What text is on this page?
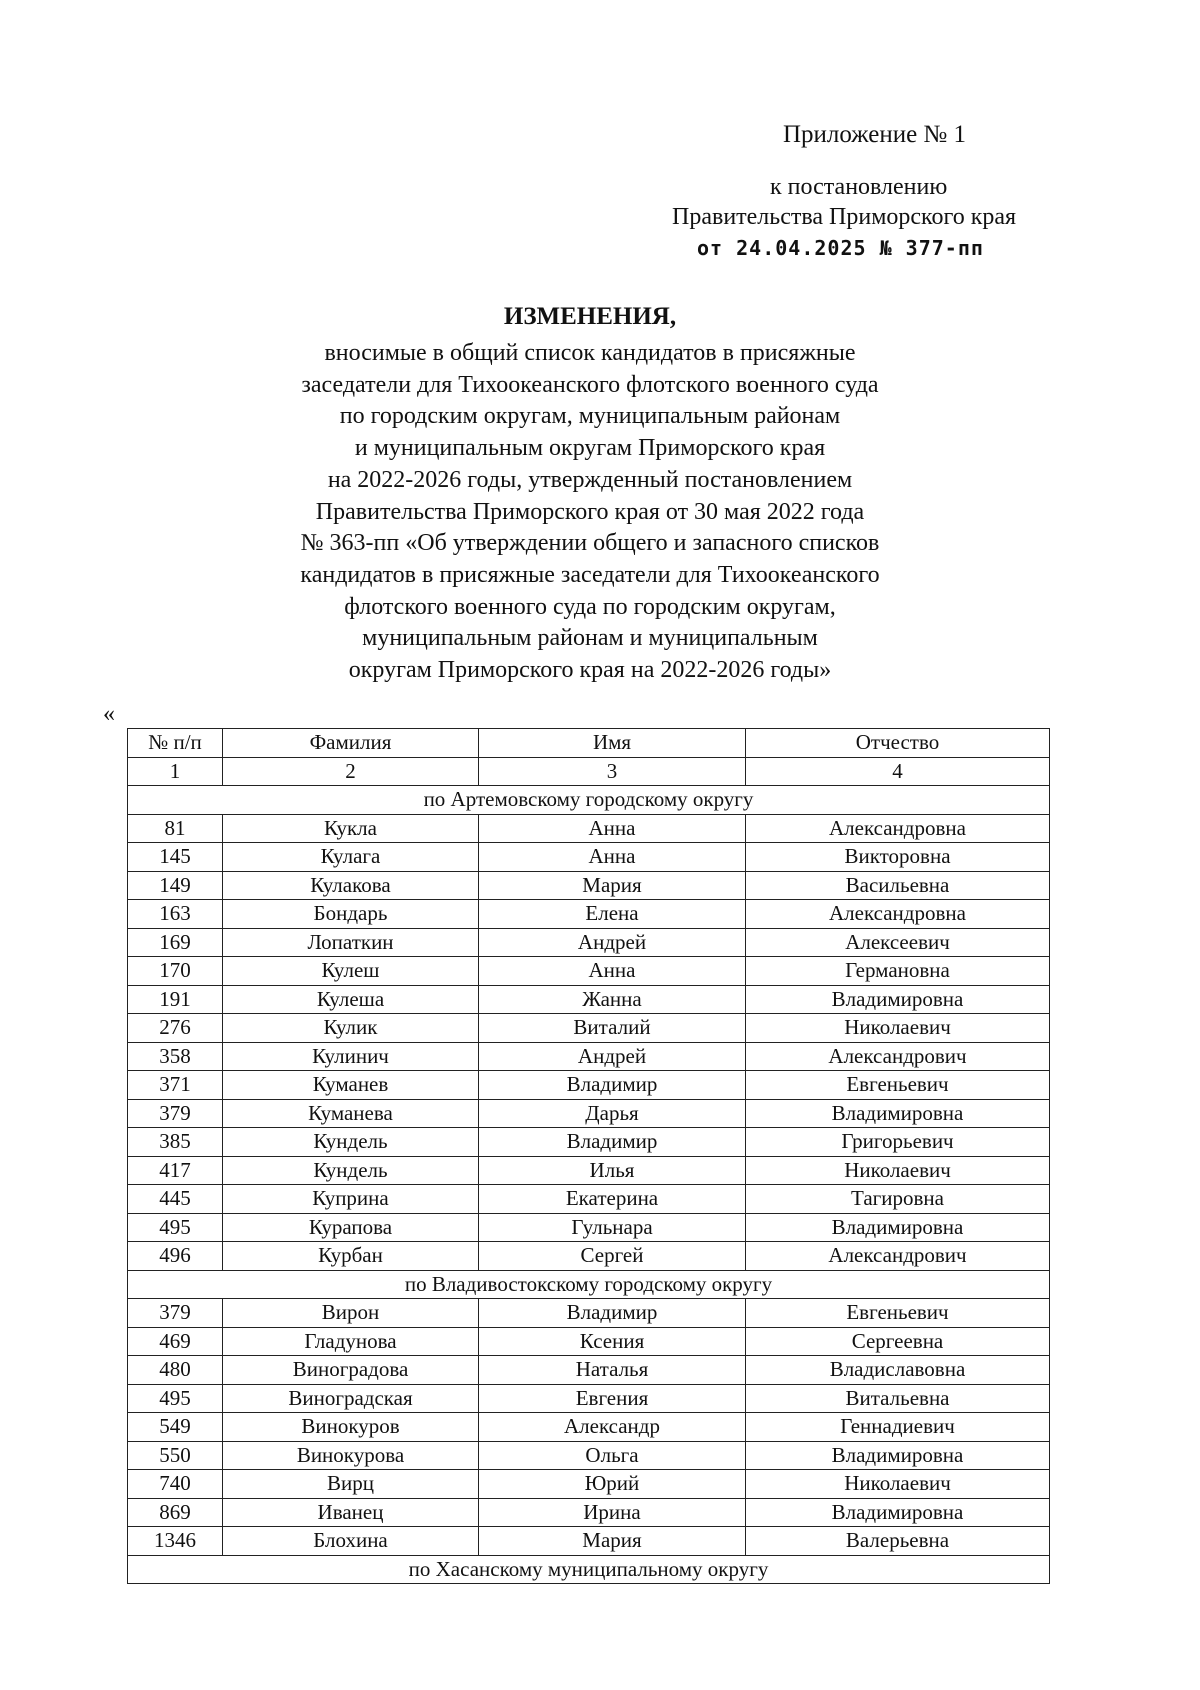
Приложение № 1
к постановлению
Правительства Приморского края
от 24.04.2025 № 377-пп
ИЗМЕНЕНИЯ,
вносимые в общий список кандидатов в присяжные
заседатели для Тихоокеанского флотского военного суда
по городским округам, муниципальным районам
и муниципальным округам Приморского края
на 2022-2026 годы, утвержденный постановлением
Правительства Приморского края от 30 мая 2022 года
№ 363-пп «Об утверждении общего и запасного списков
кандидатов в присяжные заседатели для Тихоокеанского
флотского военного суда по городским округам,
муниципальным районам и муниципальным
округам Приморского края на 2022-2026 годы»
«
№ п/п	Фамилия	Имя	Отчество
1	2	3	4
по Артемовскому городскому округу			
81	Кукла	Анна	Александровна
145	Кулага	Анна	Викторовна
149	Кулакова	Мария	Васильевна
163	Бондарь	Елена	Александровна
169	Лопаткин	Андрей	Алексеевич
170	Кулеш	Анна	Германовна
191	Кулеша	Жанна	Владимировна
276	Кулик	Виталий	Николаевич
358	Кулинич	Андрей	Александрович
371	Куманев	Владимир	Евгеньевич
379	Куманева	Дарья	Владимировна
385	Кундель	Владимир	Григорьевич
417	Кундель	Илья	Николаевич
445	Куприна	Екатерина	Тагировна
495	Курапова	Гульнара	Владимировна
496	Курбан	Сергей	Александрович
по Владивостокскому городскому округу			
379	Вирон	Владимир	Евгеньевич
469	Гладунова	Ксения	Сергеевна
480	Виноградова	Наталья	Владиславовна
495	Виноградская	Евгения	Витальевна
549	Винокуров	Александр	Геннадиевич
550	Винокурова	Ольга	Владимировна
740	Вирц	Юрий	Николаевич
869	Иванец	Ирина	Владимировна
1346	Блохина	Мария	Валерьевна
по Хасанскому муниципальному округу			
